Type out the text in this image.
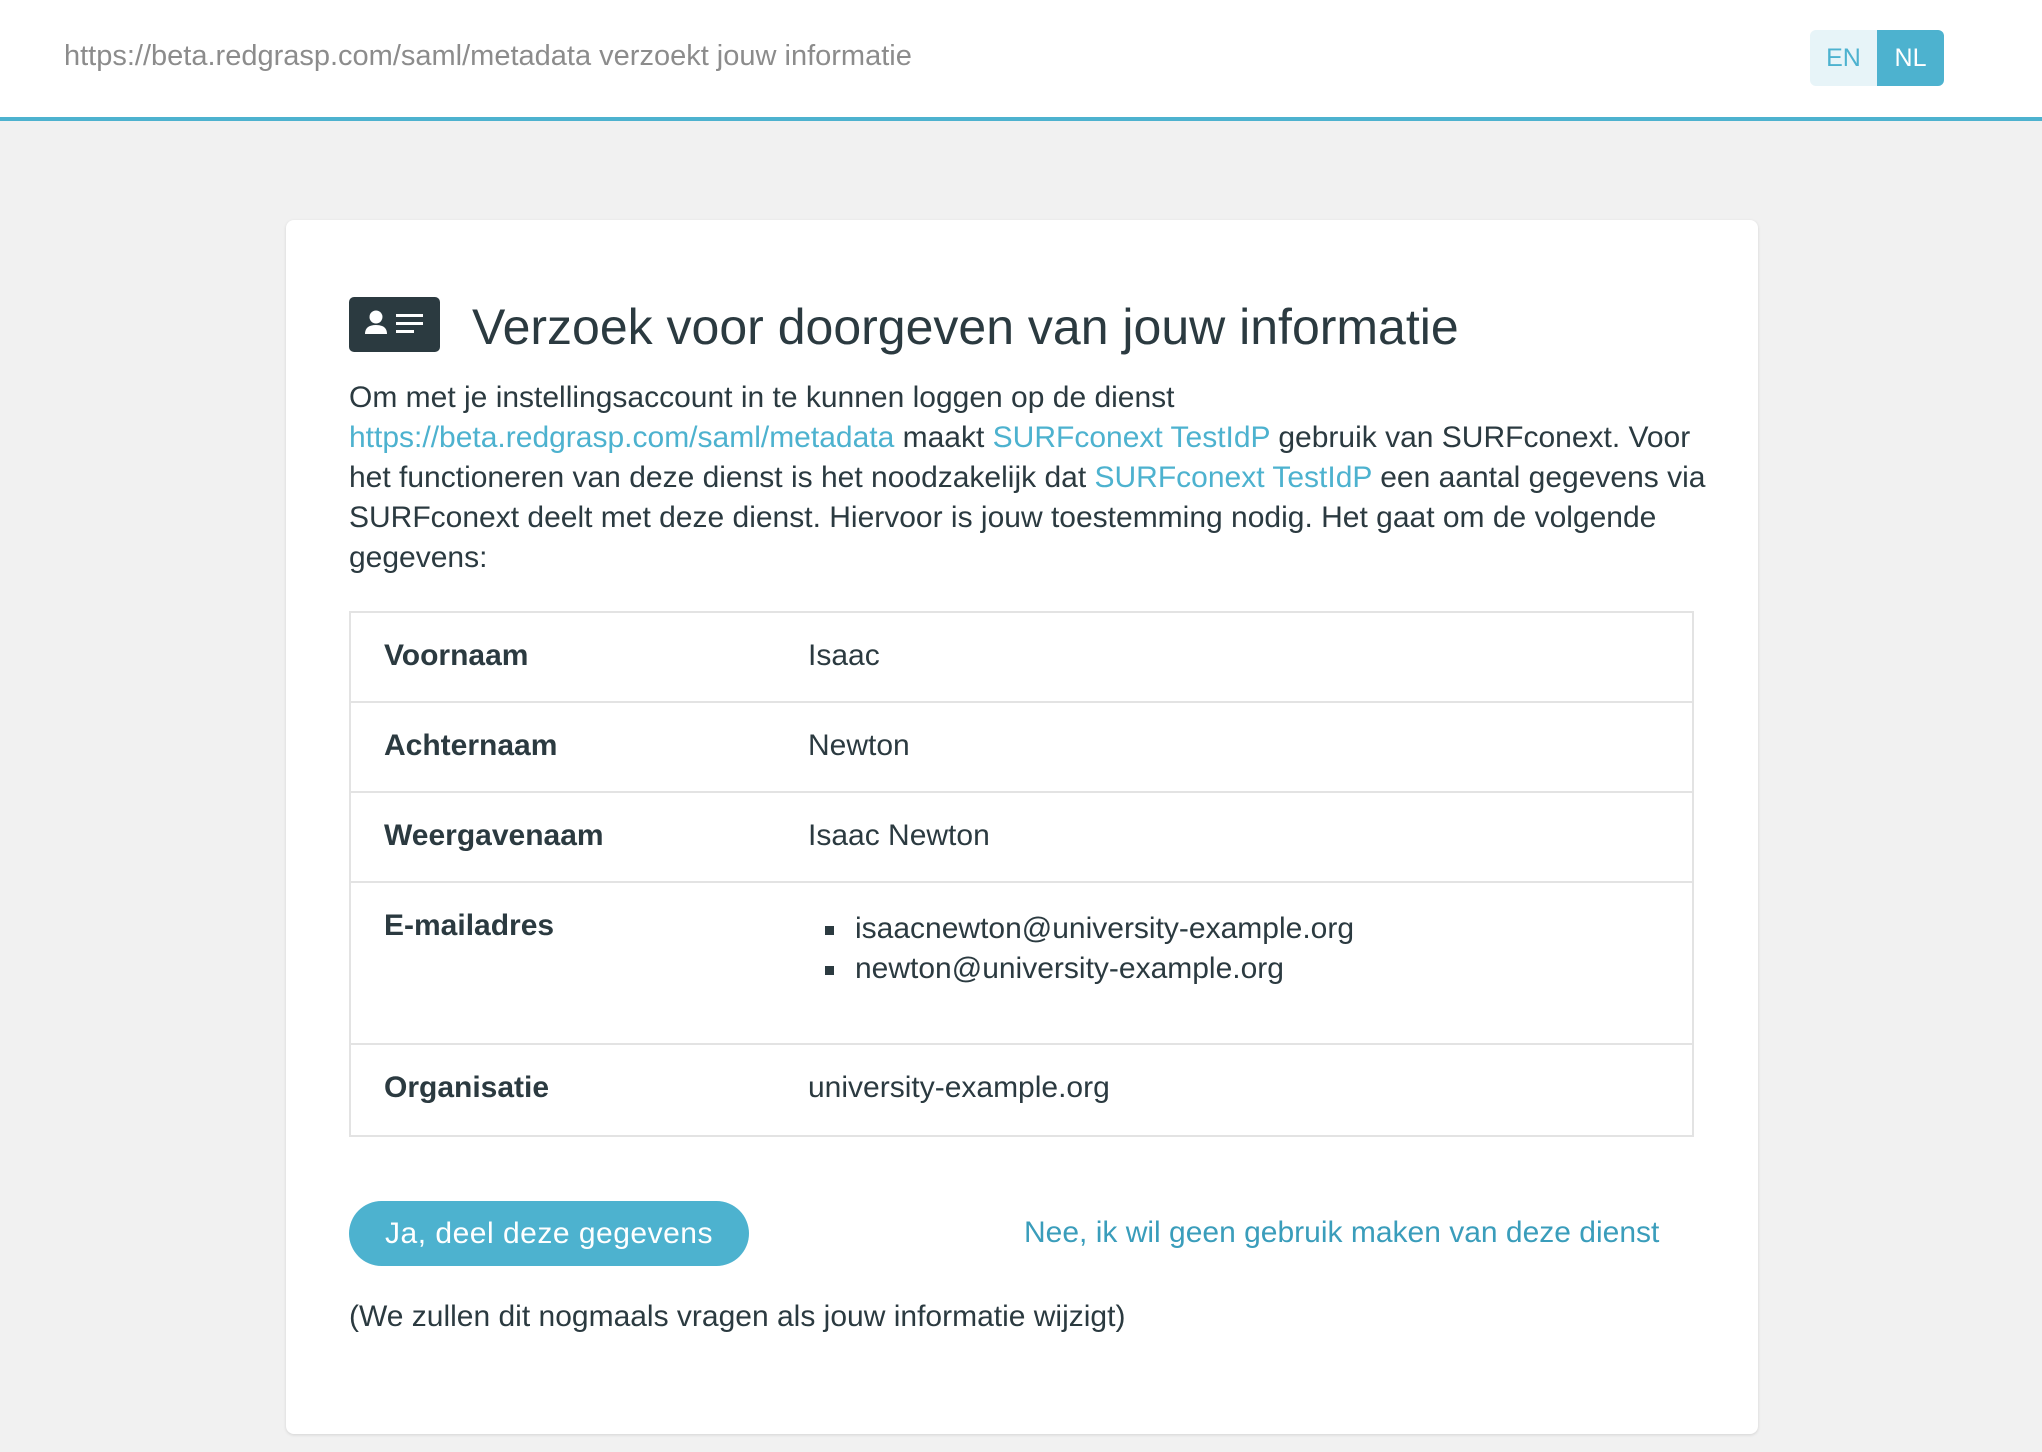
https://beta.redgrasp.com/saml/metadata verzoekt jouw informatie	EN	NL
Verzoek voor doorgeven van jouw informatie
Om met je instellingsaccount in te kunnen loggen op de dienst
https://beta.redgrasp.com/saml/metadata maakt SURFconext TestIdP gebruik van SURFconext. Voor het functioneren van deze dienst is het noodzakelijk dat SURFconext TestIdP een aantal gegevens via SURFconext deelt met deze dienst. Hiervoor is jouw toestemming nodig. Het gaat om de volgende gegevens:
Voornaam	Isaac
Achternaam	Newton
Weergavenaam	Isaac Newton
E-mailadres	isaacnewton@university-example.org
newton@university-example.org
Organisatie	university-example.org
Ja, deel deze gegevens	Nee, ik wil geen gebruik maken van deze dienst
(We zullen dit nogmaals vragen als jouw informatie wijzigt)
